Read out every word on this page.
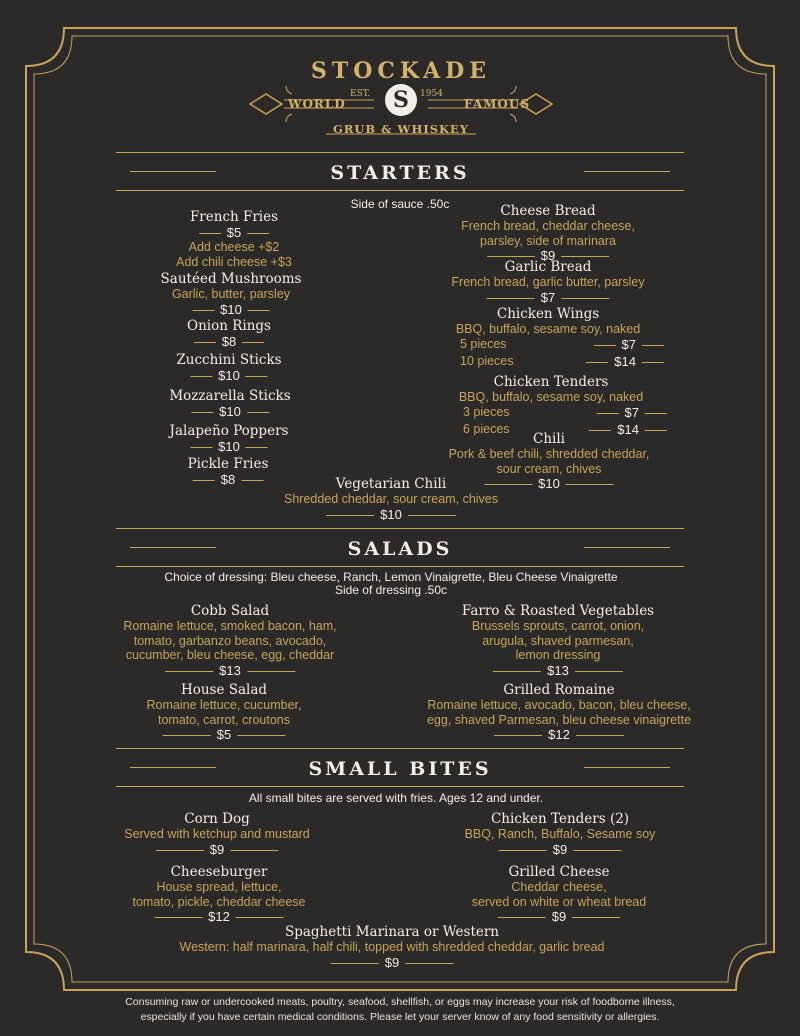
STOCKADE
S
WORLD	FAMOUS
EST.	1954
GRUB & WHISKEY
STARTERS
Side of sauce .50c
French Fries
$5
Add cheese +$2
Add chili cheese +$3
Sautéed Mushrooms
Garlic, butter, parsley
$10
Onion Rings
$8
Zucchini Sticks
$10
Mozzarella Sticks
$10
Jalapeño Poppers
$10
Pickle Fries
$8
Cheese Bread
French bread, cheddar cheese,
parsley, side of marinara
$9
Garlic Bread
French bread, garlic butter, parsley
$7
Chicken Wings
BBQ, buffalo, sesame soy, naked
5 pieces	$7
10 pieces	$14
Chicken Tenders
BBQ, buffalo, sesame soy, naked
3 pieces	$7
6 pieces	$14
Chili
Pork & beef chili, shredded cheddar,
sour cream, chives
$10
Vegetarian Chili
Shredded cheddar, sour cream, chives
$10
SALADS
Choice of dressing: Bleu cheese, Ranch, Lemon Vinaigrette, Bleu Cheese Vinaigrette
Side of dressing .50c
Cobb Salad
Romaine lettuce, smoked bacon, ham,
tomato, garbanzo beans, avocado,
cucumber, bleu cheese, egg, cheddar
$13
Farro & Roasted Vegetables
Brussels sprouts, carrot, onion,
arugula, shaved parmesan,
lemon dressing
$13
House Salad
Romaine lettuce, cucumber,
tomato, carrot, croutons
$5
Grilled Romaine
Romaine lettuce, avocado, bacon, bleu cheese,
egg, shaved Parmesan, bleu cheese vinaigrette
$12
SMALL BITES
All small bites are served with fries. Ages 12 and under.
Corn Dog
Served with ketchup and mustard
$9
Chicken Tenders (2)
BBQ, Ranch, Buffalo, Sesame soy
$9
Cheeseburger
House spread, lettuce,
tomato, pickle, cheddar cheese
$12
Grilled Cheese
Cheddar cheese,
served on white or wheat bread
$9
Spaghetti Marinara or Western
Western: half marinara, half chili, topped with shredded cheddar, garlic bread
$9
Consuming raw or undercooked meats, poultry, seafood, shellfish, or eggs may increase your risk of foodborne illness,
especially if you have certain medical conditions. Please let your server know of any food sensitivity or allergies.
